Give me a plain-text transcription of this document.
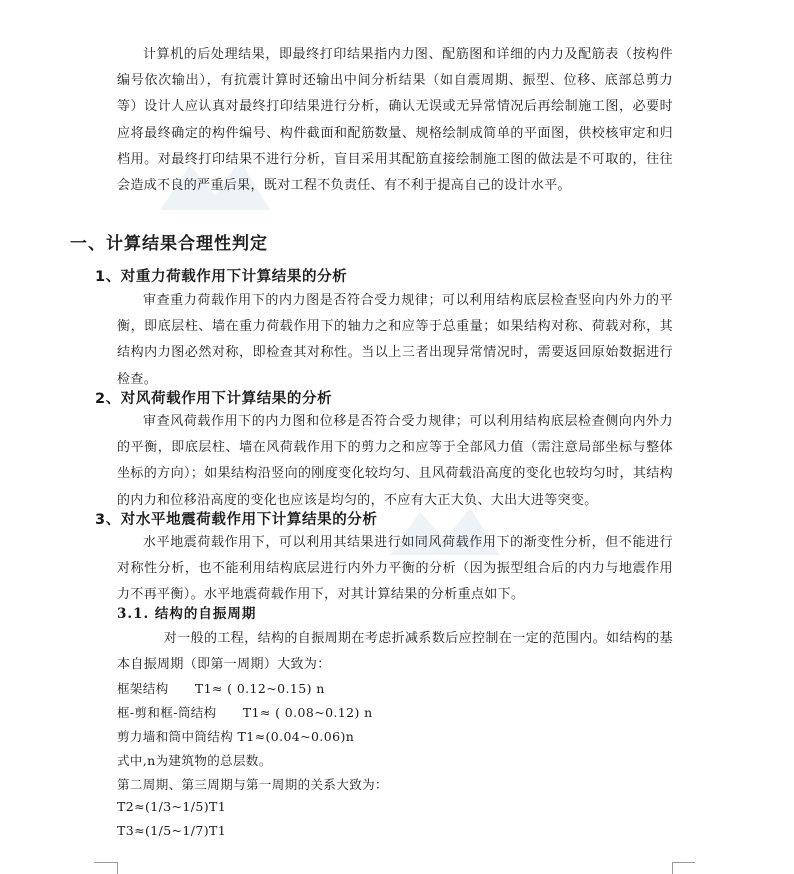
计算机的后处理结果，即最终打印结果指内力图、配筋图和详细的内力及配筋表（按构件编号依次输出），有抗震计算时还输出中间分析结果（如自震周期、振型、位移、底部总剪力等）设计人应认真对最终打印结果进行分析，确认无误或无异常情况后再绘制施工图，必要时应将最终确定的构件编号、构件截面和配筋数量、规格绘制成简单的平面图，供校核审定和归档用。对最终打印结果不进行分析，盲目采用其配筋直接绘制施工图的做法是不可取的，往往会造成不良的严重后果，既对工程不负责任、有不利于提高自己的设计水平。

一、计算结果合理性判定
1、对重力荷载作用下计算结果的分析

审查重力荷载作用下的内力图是否符合受力规律；可以利用结构底层检查竖向内外力的平衡，即底层柱、墙在重力荷载作用下的轴力之和应等于总重量；如果结构对称、荷载对称，其结构内力图必然对称，即检查其对称性。当以上三者出现异常情况时，需要返回原始数据进行检查。

2、对风荷载作用下计算结果的分析

审查风荷载作用下的内力图和位移是否符合受力规律；可以利用结构底层检查侧向内外力的平衡，即底层柱、墙在风荷载作用下的剪力之和应等于全部风力值（需注意局部坐标与整体坐标的方向）；如果结构沿竖向的刚度变化较均匀、且风荷载沿高度的变化也较均匀时，其结构的内力和位移沿高度的变化也应该是均匀的，不应有大正大负、大出大进等突变。

3、对水平地震荷载作用下计算结果的分析

水平地震荷载作用下，可以利用其结果进行如同风荷载作用下的渐变性分析，但不能进行对称性分析，也不能利用结构底层进行内外力平衡的分析（因为振型组合后的内力与地震作用力不再平衡）。水平地震荷载作用下，对其计算结果的分析重点如下。

3.1. 结构的自振周期

对一般的工程，结构的自振周期在考虑折减系数后应控制在一定的范围内。如结构的基本自振周期（即第一周期）大致为：

框架结构      T1≈ ( 0.12~0.15) n
框-剪和框-筒结构      T1≈ ( 0.08~0.12) n
剪力墙和筒中筒结构 T1≈(0.04~0.06)n
式中,n为建筑物的总层数。
第二周期、第三周期与第一周期的关系大致为：
T2≈(1/3~1/5)T1
T3≈(1/5~1/7)T1
